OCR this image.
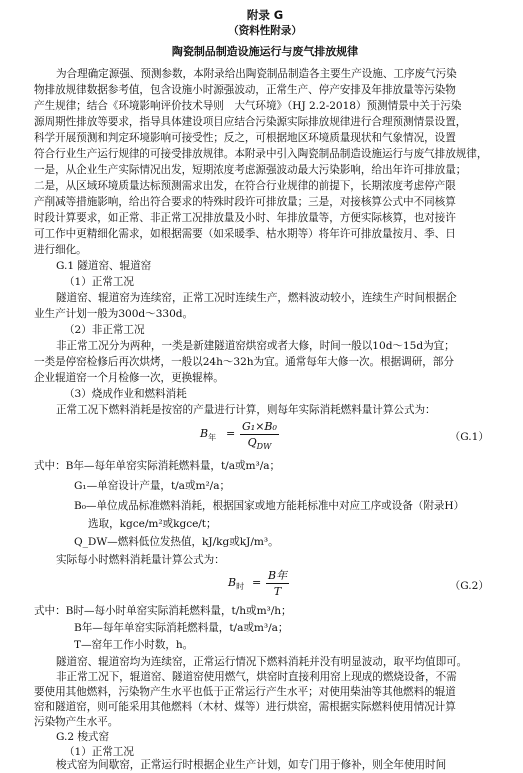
附录 G
（资料性附录）
陶瓷制品制造设施运行与废气排放规律
为合理确定源强、预测参数，本附录给出陶瓷制品制造各主要生产设施、工序废气污染
物排放规律数据参考值，包含设施小时源强波动，正常生产、停产安排及年排放量等污染物
产生规律；结合《环境影响评价技术导则　大气环境》（HJ 2.2-2018）预测情景中关于污染
源周期性排放等要求，指导具体建设项目应结合污染源实际排放规律进行合理预测情景设置，
科学开展预测和判定环境影响可接受性；反之，可根据地区环境质量现状和气象情况，设置
符合行业生产运行规律的可接受排放规律。本附录中引入陶瓷制品制造设施运行与废气排放规律，
一是，从企业生产实际情况出发，短期浓度考虑源强波动最大污染影响，给出年许可排放量；
二是，从区域环境质量达标预测需求出发，在符合行业规律的前提下，长期浓度考虑停产限
产削减等措施影响，给出符合要求的特殊时段许可排放量；三是，对接核算公式中不同核算
时段计算要求，如正常、非正常工况排放量及小时、年排放量等，方便实际核算，也对接许
可工作中更精细化需求，如根据需要（如采暖季、枯水期等）将年许可排放量按月、季、日
进行细化。
G.1 隧道窑、辊道窑
（1）正常工况
隧道窑、辊道窑为连续窑，正常工况时连续生产，燃料波动较小，连续生产时间根据企
业生产计划一般为300d～330d。
（2）非正常工况
非正常工况分为两种，一类是新建隧道窑烘窑或者大修，时间一般以10d～15d为宜；
一类是停窑检修后再次烘烤，一般以24h～32h为宜。通常每年大修一次。根据调研，部分
企业辊道窑一个月检修一次，更换辊棒。
（3）烧成作业和燃料消耗
正常工况下燃料消耗是按窑的产量进行计算，则每年实际消耗燃料量计算公式为：
$B_年$ =
G₁×B₀
$Q_{DW}$
（G.1）
式中：B年—每年单窑实际消耗燃料量，t/a或m³/a；
G₁—单窑设计产量，t/a或m²/a；
B₀—单位成品标准燃料消耗，根据国家或地方能耗标准中对应工序或设备（附录H）
选取，kgce/m²或kgce/t；
Q_DW—燃料低位发热值，kJ/kg或kJ/m³。
实际每小时燃料消耗量计算公式为：
$B_时$ =
B年
T	（G.2）
式中：B时—每小时单窑实际消耗燃料量，t/h或m³/h；
B年—每年单窑实际消耗燃料量，t/a或m³/a；
T—窑年工作小时数，h。
隧道窑、辊道窑均为连续窑，正常运行情况下燃料消耗并没有明显波动，取平均值即可。
非正常工况下，辊道窑、隧道窑使用燃气，烘窑时直接利用窑上现成的燃烧设备，不需
要使用其他燃料，污染物产生水平也低于正常运行产生水平；对使用柴油等其他燃料的辊道
窑和隧道窑，则可能采用其他燃料（木材、煤等）进行烘窑，需根据实际燃料使用情况计算
污染物产生水平。
G.2 梭式窑
（1）正常工况
梭式窑为间歇窑，正常运行时根据企业生产计划，如专门用于修补，则全年使用时间
